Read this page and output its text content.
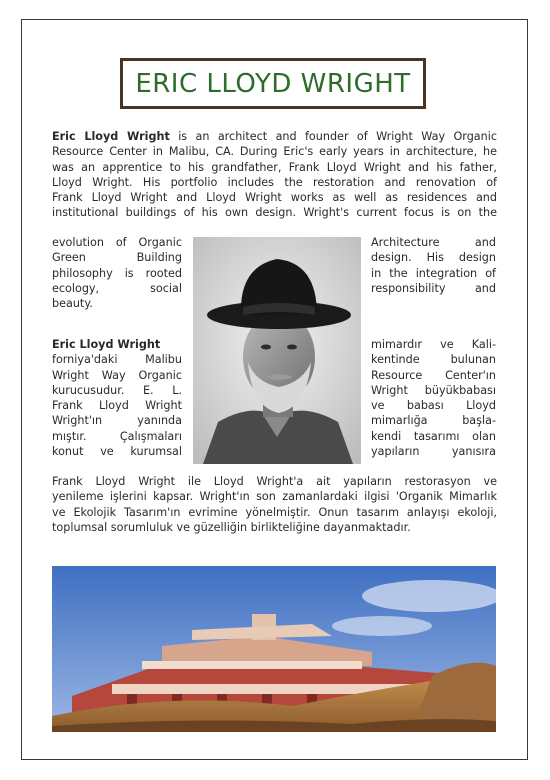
ERIC LLOYD WRIGHT
Eric Lloyd Wright is an architect and founder of Wright Way Organic
Resource Center in Malibu, CA. During Eric's early years in architecture, he
was an apprentice to his grandfather, Frank Lloyd Wright and his father,
Lloyd Wright. His portfolio includes the restoration and renovation of
Frank Lloyd Wright and Lloyd Wright works as well as residences and
institutional buildings of his own design. Wright's current focus is on the
evolution of Organic
Green Building
philosophy is rooted
ecology, social
beauty.
Architecture and
design. His design
in the integration of
responsibility and
Eric Lloyd Wright
forniya'daki Malibu
Wright Way Organic
kurucusudur. E. L.
Frank Lloyd Wright
Wright'ın yanında
mıştır. Çalışmaları
konut ve kurumsal
mimardır ve Kali-
kentinde bulunan
Resource Center'ın
Wright büyükbabası
ve babası Lloyd
mimarlığa başla-
kendi tasarımı olan
yapıların yanısıra
Frank Lloyd Wright ile Lloyd Wright'a ait yapıların restorasyon ve
yenileme işlerini kapsar. Wright'ın son zamanlardaki ilgisi 'Organik Mimarlık
ve Ekolojik Tasarım'ın evrimine yönelmiştir. Onun tasarım anlayışı ekoloji,
toplumsal sorumluluk ve güzelliğin birlikteliğine dayanmaktadır.
